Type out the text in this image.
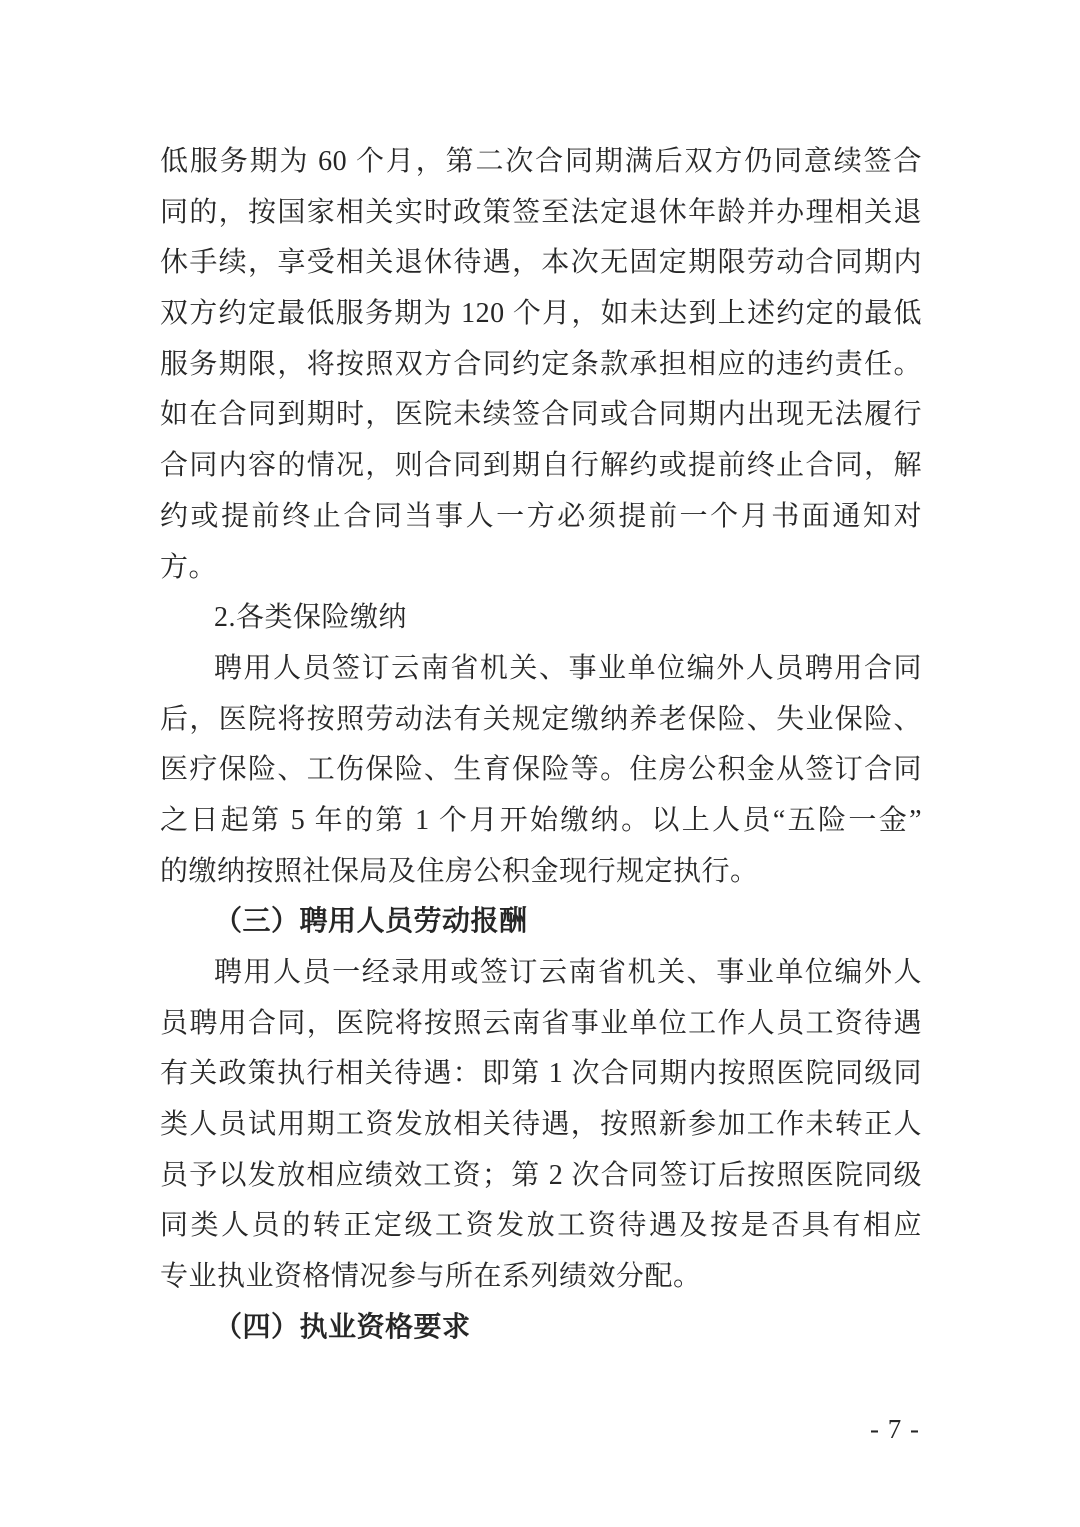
低服务期为 60 个月，第二次合同期满后双方仍同意续签合
同的，按国家相关实时政策签至法定退休年龄并办理相关退
休手续，享受相关退休待遇，本次无固定期限劳动合同期内
双方约定最低服务期为 120 个月，如未达到上述约定的最低
服务期限，将按照双方合同约定条款承担相应的违约责任。
如在合同到期时，医院未续签合同或合同期内出现无法履行
合同内容的情况，则合同到期自行解约或提前终止合同，解
约或提前终止合同当事人一方必须提前一个月书面通知对
方。
2.各类保险缴纳
聘用人员签订云南省机关、事业单位编外人员聘用合同
后，医院将按照劳动法有关规定缴纳养老保险、失业保险、
医疗保险、工伤保险、生育保险等。住房公积金从签订合同
之日起第 5 年的第 1 个月开始缴纳。以上人员“五险一金”
的缴纳按照社保局及住房公积金现行规定执行。
（三）聘用人员劳动报酬
聘用人员一经录用或签订云南省机关、事业单位编外人
员聘用合同，医院将按照云南省事业单位工作人员工资待遇
有关政策执行相关待遇：即第 1 次合同期内按照医院同级同
类人员试用期工资发放相关待遇，按照新参加工作未转正人
员予以发放相应绩效工资；第 2 次合同签订后按照医院同级
同类人员的转正定级工资发放工资待遇及按是否具有相应
专业执业资格情况参与所在系列绩效分配。
（四）执业资格要求
- 7 -
